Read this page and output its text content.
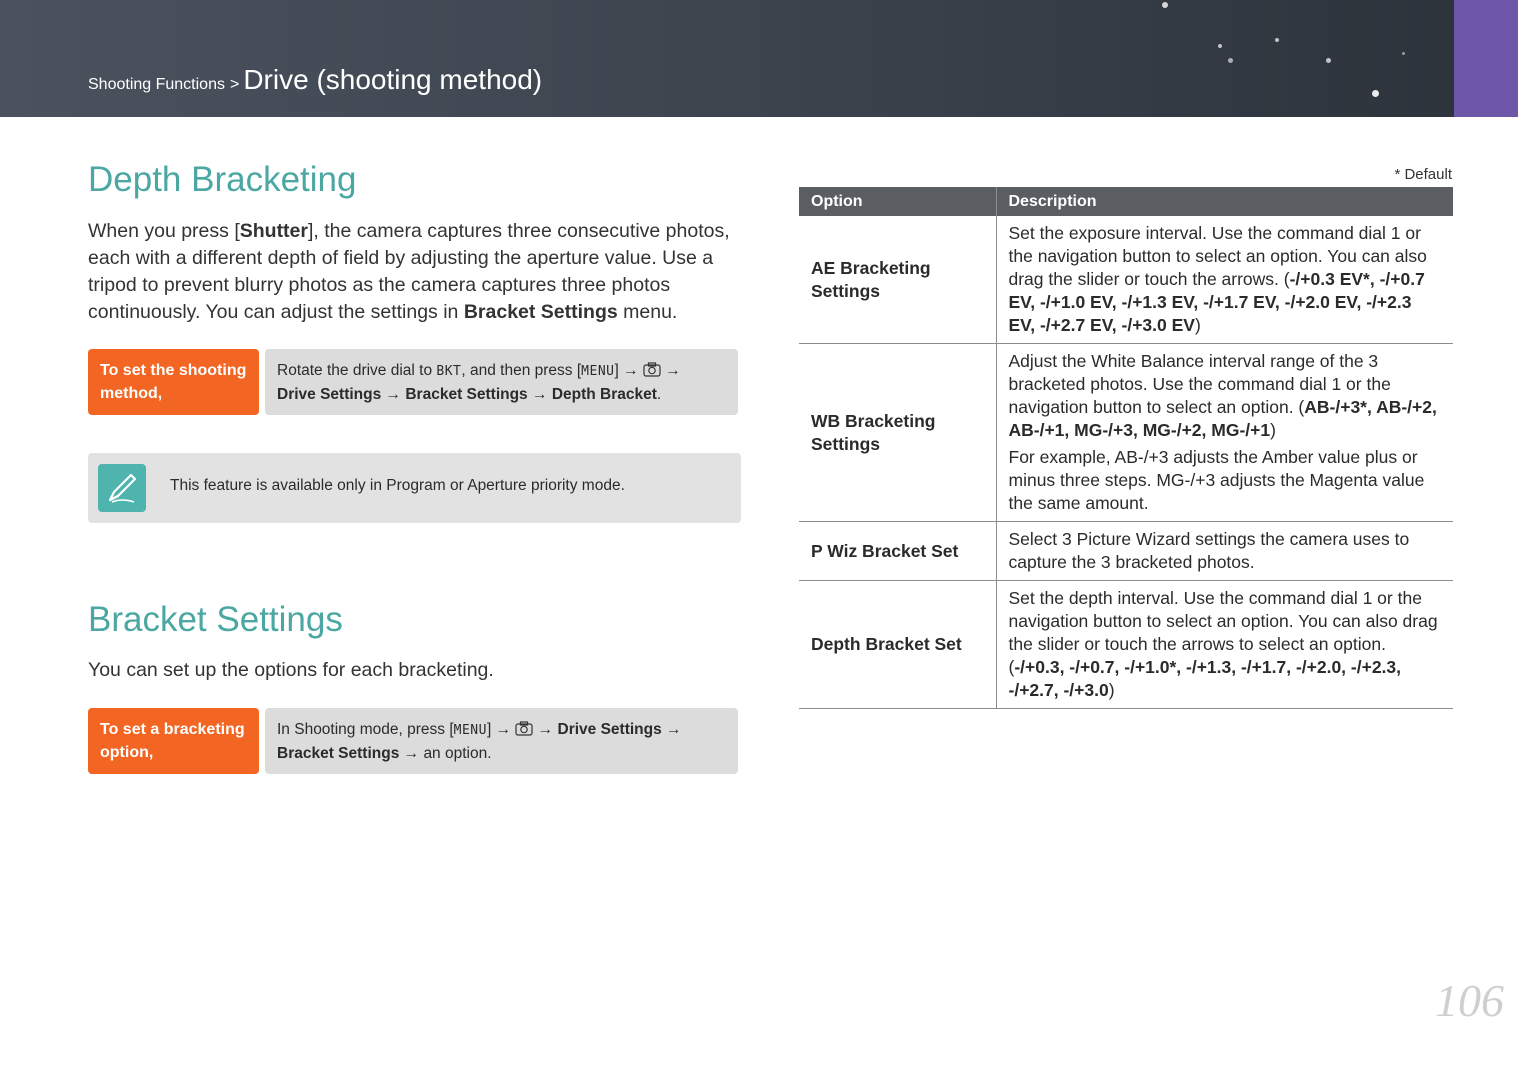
Shooting Functions > Drive (shooting method)
Depth Bracketing

When you press [Shutter], the camera captures three consecutive photos, each with a different depth of field by adjusting the aperture value. Use a tripod to prevent blurry photos as the camera captures three photos continuously. You can adjust the settings in Bracket Settings menu.

To set the shooting method,
Rotate the drive dial to BKT, and then press [MENU] →  →
Drive Settings → Bracket Settings → Depth Bracket.
This feature is available only in Program or Aperture priority mode.
Bracket Settings

You can set up the options for each bracketing.

To set a bracketing option,
In Shooting mode, press [MENU] →  → Drive Settings →
Bracket Settings → an option.
* Default
Option	Description
AE Bracketing Settings	Set the exposure interval. Use the command dial 1 or the navigation button to select an option. You can also drag the slider or touch the arrows. (-/+0.3 EV*, -/+0.7 EV, -/+1.0 EV, -/+1.3 EV, -/+1.7 EV, -/+2.0 EV, -/+2.3 EV, -/+2.7 EV, -/+3.0 EV)
WB Bracketing Settings	Adjust the White Balance interval range of the 3 bracketed photos. Use the command dial 1 or the navigation button to select an option. (AB-/+3*, AB-/+2, AB-/+1, MG-/+3, MG-/+2, MG-/+1)

For example, AB-/+3 adjusts the Amber value plus or minus three steps. MG-/+3 adjusts the Magenta value the same amount.

P Wiz Bracket Set	Select 3 Picture Wizard settings the camera uses to capture the 3 bracketed photos.
Depth Bracket Set	Set the depth interval. Use the command dial 1 or the navigation button to select an option. You can also drag the slider or touch the arrows to select an option. (-/+0.3, -/+0.7, -/+1.0*, -/+1.3, -/+1.7, -/+2.0, -/+2.3, -/+2.7, -/+3.0)
106
